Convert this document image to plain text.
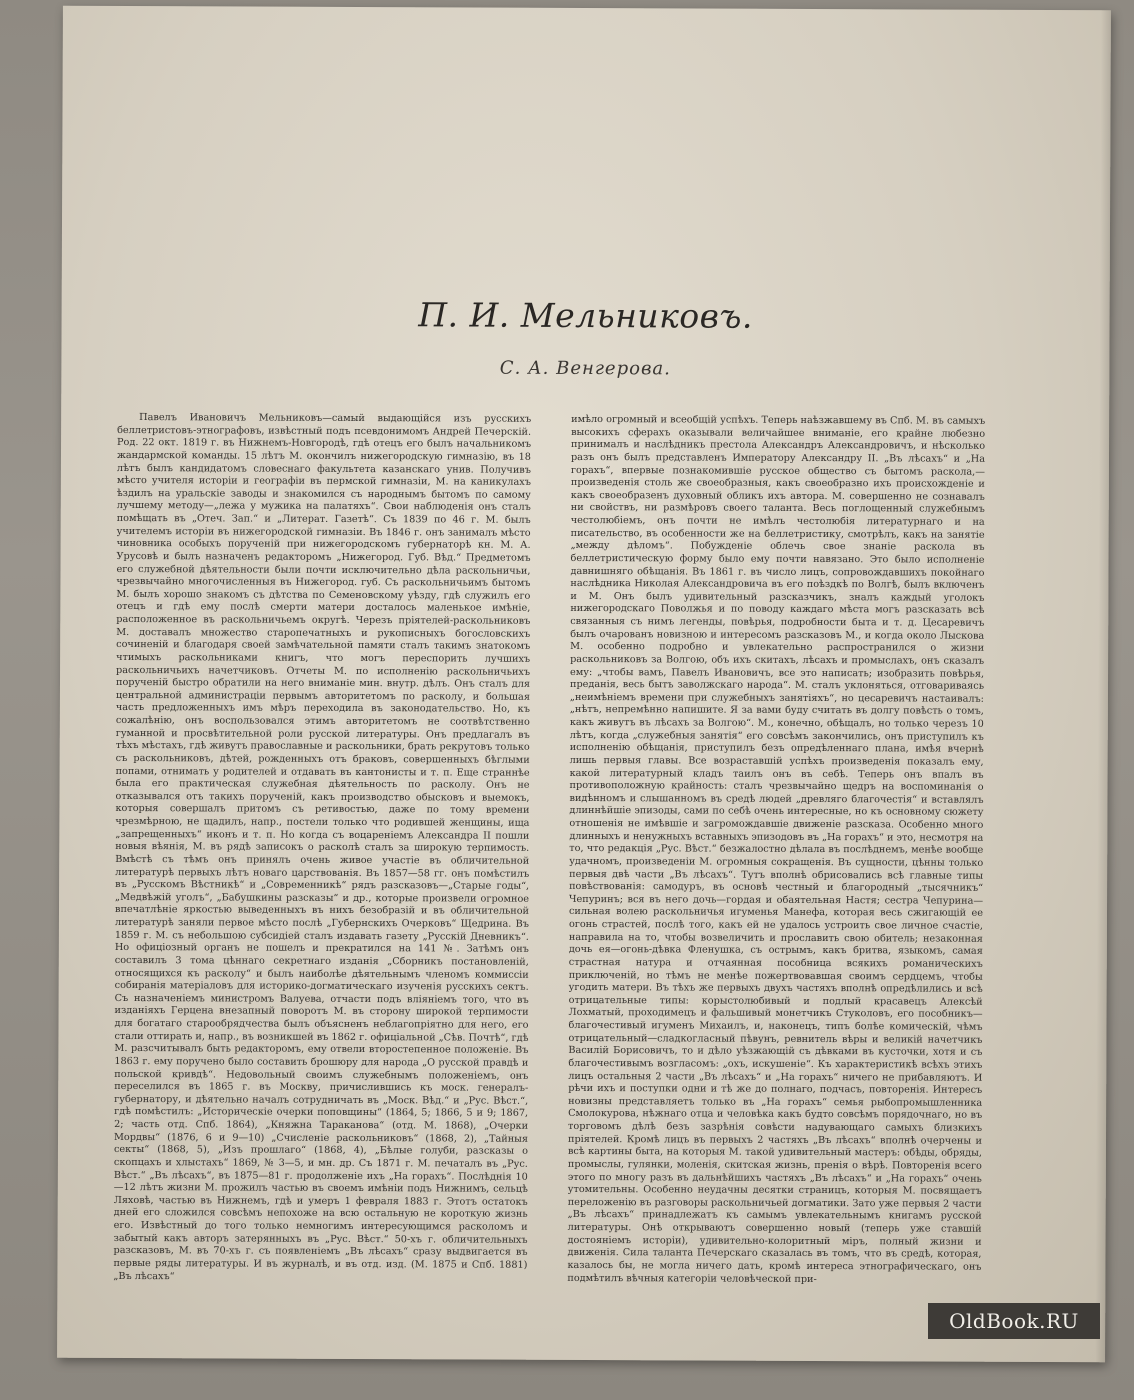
П. И. Мельниковъ.
С. А. Венгерова.

Павелъ Ивановичъ Мельниковъ—самый выдающійся изъ русскихъ беллетристовъ-этнографовъ, извѣстный подъ псевдонимомъ Андрей Печерскій. Род. 22 окт. 1819 г. въ Нижнемъ-Новгородѣ, гдѣ отецъ его былъ начальникомъ жандармской команды. 15 лѣтъ М. окончилъ нижегородскую гимназію, въ 18 лѣтъ былъ кандидатомъ словеснаго факультета казанскаго унив. Получивъ мѣсто учителя исторіи и географіи въ пермской гимназіи, М. на каникулахъ ѣздилъ на уральскіе заводы и знакомился съ народнымъ бытомъ по самому лучшему методу—„лежа у мужика на палатяхъ“. Свои наблюденія онъ сталъ помѣщать въ „Отеч. Зап.“ и „Литерат. Газетѣ“. Съ 1839 по 46 г. М. былъ учителемъ исторіи въ нижегородской гимназіи. Въ 1846 г. онъ занималъ мѣсто чиновника особыхъ порученій при нижегородскомъ губернаторѣ кн. М. А. Урусовѣ и былъ назначенъ редакторомъ „Нижегород. Губ. Вѣд.“ Предметомъ его служебной дѣятельности были почти исключительно дѣла раскольничьи, чрезвычайно многочисленныя въ Нижегород. губ. Съ раскольничьимъ бытомъ М. былъ хорошо знакомъ съ дѣтства по Семеновскому уѣзду, гдѣ служилъ его отецъ и гдѣ ему послѣ смерти матери досталось маленькое имѣніе, расположенное въ раскольничьемъ округѣ. Черезъ пріятелей-раскольниковъ М. доставалъ множество старопечатныхъ и рукописныхъ богословскихъ сочиненій и благодаря своей замѣчательной памяти сталъ такимъ знатокомъ чтимыхъ раскольниками книгъ, что могъ переспорить лучшихъ раскольничьихъ начетчиковъ. Отчеты М. по исполненію раскольничьихъ порученій быстро обратили на него вниманіе мин. внутр. дѣлъ. Онъ сталъ для центральной администраціи первымъ авторитетомъ по расколу, и большая часть предложенныхъ имъ мѣръ переходила въ законодательство. Но, къ сожалѣнію, онъ воспользовался этимъ авторитетомъ не соотвѣтственно гуманной и просвѣтительной роли русской литературы. Онъ предлагалъ въ тѣхъ мѣстахъ, гдѣ живутъ православные и раскольники, брать рекрутовъ только съ раскольниковъ, дѣтей, рожденныхъ отъ браковъ, совершенныхъ бѣглыми попами, отнимать у родителей и отдавать въ кантонисты и т. п. Еще страннѣе была его практическая служебная дѣятельность по расколу. Онъ не отказывался отъ такихъ порученій, какъ производство обысковъ и выемокъ, которыя совершалъ притомъ съ ретивостью, даже по тому времени чрезмѣрною, не щадилъ, напр., постели только что родившей женщины, ища „запрещенныхъ“ иконъ и т. п. Но когда съ воцареніемъ Александра II пошли новыя вѣянія, М. въ рядѣ записокъ о расколѣ сталъ за широкую терпимость. Вмѣстѣ съ тѣмъ онъ принялъ очень живое участіе въ обличительной литературѣ первыхъ лѣтъ новаго царствованія. Въ 1857—58 гг. онъ помѣстилъ въ „Русскомъ Вѣстникѣ“ и „Современникѣ“ рядъ разсказовъ—„Старые годы“, „Медвѣжій уголъ“, „Бабушкины разсказы“ и др., которые произвели огромное впечатлѣніе яркостью выведенныхъ въ нихъ безобразій и въ обличительной литературѣ заняли первое мѣсто послѣ „Губернскихъ Очерковъ“ Щедрина. Въ 1859 г. М. съ небольшою субсидіей сталъ издавать газету „Русскій Дневникъ“. Но офиціозный органъ не пошелъ и прекратился на 141 №. Затѣмъ онъ составилъ 3 тома цѣннаго секретнаго изданія „Сборникъ постановленій, относящихся къ расколу“ и былъ наиболѣе дѣятельнымъ членомъ коммиссіи собиранія матеріаловъ для историко-догматическаго изученія русскихъ сектъ. Съ назначеніемъ министромъ Валуева, отчасти подъ вліяніемъ того, что въ изданіяхъ Герцена внезапный поворотъ М. въ сторону широкой терпимости для богатаго старообрядчества былъ объясненъ неблагопріятно для него, его стали оттирать и, напр., въ возникшей въ 1862 г. офиціальной „Сѣв. Почтѣ“, гдѣ М. разсчитывалъ быть редакторомъ, ему отвели второстепенное положеніе. Въ 1863 г. ему поручено было составить брошюру для народа „О русской правдѣ и польской кривдѣ“. Недовольный своимъ служебнымъ положеніемъ, онъ переселился въ 1865 г. въ Москву, причислившись къ моск. генералъ-губернатору, и дѣятельно началъ сотрудничать въ „Моск. Вѣд.“ и „Рус. Вѣст.“, гдѣ помѣстилъ: „Историческіе очерки поповщины“ (1864, 5; 1866, 5 и 9; 1867, 2; часть отд. Спб. 1864), „Княжна Тараканова“ (отд. М. 1868), „Очерки Мордвы“ (1876, 6 и 9—10) „Счисленіе раскольниковъ“ (1868, 2), „Тайныя секты“ (1868, 5), „Изъ прошлаго“ (1868, 4), „Бѣлые голуби, разсказы о скопцахъ и хлыстахъ“ 1869, № 3—5, и мн. др. Съ 1871 г. М. печаталъ въ „Рус. Вѣст.“ „Въ лѣсахъ“, въ 1875—81 г. продолженіе ихъ „На горахъ“. Послѣднія 10—12 лѣтъ жизни М. прожилъ частью въ своемъ имѣніи подъ Нижнимъ, сельцѣ Ляховѣ, частью въ Нижнемъ, гдѣ и умеръ 1 февраля 1883 г. Этотъ остатокъ дней его сложился совсѣмъ непохоже на всю остальную не короткую жизнь его. Извѣстный до того только немногимъ интересующимся расколомъ и забытый какъ авторъ затерянныхъ въ „Рус. Вѣст.“ 50-хъ г. обличительныхъ разсказовъ, М. въ 70-хъ г. съ появленіемъ „Въ лѣсахъ“ сразу выдвигается въ первые ряды литературы. И въ журналѣ, и въ отд. изд. (М. 1875 и Спб. 1881) „Въ лѣсахъ“

имѣло огромный и всеобщій успѣхъ. Теперь наѣзжавшему въ Спб. М. въ самыхъ высокихъ сферахъ оказывали величайшее вниманіе, его крайне любезно принималъ и наслѣдникъ престола Александръ Александровичъ, и нѣсколько разъ онъ былъ представленъ Императору Александру II. „Въ лѣсахъ“ и „На горахъ“, впервые познакомившіе русское общество съ бытомъ раскола,—произведенія столь же своеобразныя, какъ своеобразно ихъ происхожденіе и какъ своеобразенъ духовный обликъ ихъ автора. М. совершенно не сознавалъ ни свойствъ, ни размѣровъ своего таланта. Весь поглощенный служебнымъ честолюбіемъ, онъ почти не имѣлъ честолюбія литературнаго и на писательство, въ особенности же на беллетристику, смотрѣлъ, какъ на занятіе „между дѣломъ“. Побужденіе облечь свое знаніе раскола въ беллетристическую форму было ему почти навязано. Это было исполненіе давнишняго обѣщанія. Въ 1861 г. въ число лицъ, сопровождавшихъ покойнаго наслѣдника Николая Александровича въ его поѣздкѣ по Волгѣ, былъ включенъ и М. Онъ былъ удивительный разсказчикъ, зналъ каждый уголокъ нижегородскаго Поволжья и по поводу каждаго мѣста могъ разсказать всѣ связанныя съ нимъ легенды, повѣрья, подробности быта и т. д. Цесаревичъ былъ очарованъ новизною и интересомъ разсказовъ М., и когда около Лыскова М. особенно подробно и увлекательно распространился о жизни раскольниковъ за Волгою, объ ихъ скитахъ, лѣсахъ и промыслахъ, онъ сказалъ ему: „чтобы вамъ, Павелъ Ивановичъ, все это написать; изобразить повѣрья, преданія, весь бытъ заволжскаго народа“. М. сталъ уклоняться, отговариваясь „неимѣніемъ времени при служебныхъ занятіяхъ“, но цесаревичъ настаивалъ: „нѣтъ, непремѣнно напишите. Я за вами буду считать въ долгу повѣсть о томъ, какъ живутъ въ лѣсахъ за Волгою“. М., конечно, обѣщалъ, но только черезъ 10 лѣтъ, когда „служебныя занятія“ его совсѣмъ закончились, онъ приступилъ къ исполненію обѣщанія, приступилъ безъ опредѣленнаго плана, имѣя вчернѣ лишь первыя главы. Все возраставшій успѣхъ произведенія показалъ ему, какой литературный кладъ таилъ онъ въ себѣ. Теперь онъ впалъ въ противоположную крайность: сталъ чрезвычайно щедръ на воспоминанія о видѣнномъ и слышанномъ въ средѣ людей „древляго благочестія“ и вставлялъ длиннѣйшіе эпизоды, сами по себѣ очень интересные, но къ основному сюжету отношенія не имѣвшіе и загромождавшіе движеніе разсказа. Особенно много длинныхъ и ненужныхъ вставныхъ эпизодовъ въ „На горахъ“ и это, несмотря на то, что редакція „Рус. Вѣст.“ безжалостно дѣлала въ послѣднемъ, менѣе вообще удачномъ, произведеніи М. огромныя сокращенія. Въ сущности, цѣнны только первыя двѣ части „Въ лѣсахъ“. Тутъ вполнѣ обрисовались всѣ главные типы повѣствованія: самодуръ, въ основѣ честный и благородный „тысячникъ“ Чепуринъ; вся въ него дочь—гордая и обаятельная Настя; сестра Чепурина—сильная волею раскольничья игуменья Манефа, которая весь сжигающій ее огонь страстей, послѣ того, какъ ей не удалось устроить свое личное счастіе, направила на то, чтобы возвеличить и прославить свою обитель; незаконная дочь ея—огонь-дѣвка Фленушка, съ острымъ, какъ бритва, языкомъ, самая страстная натура и отчаянная пособница всякихъ романическихъ приключеній, но тѣмъ не менѣе пожертвовавшая своимъ сердцемъ, чтобы угодить матери. Въ тѣхъ же первыхъ двухъ частяхъ вполнѣ опредѣлились и всѣ отрицательные типы: корыстолюбивый и подлый красавецъ Алексѣй Лохматый, проходимецъ и фальшивый монетчикъ Стуколовъ, его пособникъ—благочестивый игуменъ Михаилъ, и, наконецъ, типъ болѣе комическій, чѣмъ отрицательный—сладкогласный пѣвунъ, ревнитель вѣры и великій начетчикъ Василій Борисовичъ, то и дѣло уѣзжающій съ дѣвками въ кусточки, хотя и съ благочестивымъ возгласомъ: „охъ, искушеніе“. Къ характеристикѣ всѣхъ этихъ лицъ остальныя 2 части „Въ лѣсахъ“ и „На горахъ“ ничего не прибавляютъ. И рѣчи ихъ и поступки одни и тѣ же до полнаго, подчасъ, повторенія. Интересъ новизны представляетъ только въ „На горахъ“ семья рыбопромышленника Смолокурова, нѣжнаго отца и человѣка какъ будто совсѣмъ порядочнаго, но въ торговомъ дѣлѣ безъ зазрѣнія совѣсти надувающаго самыхъ близкихъ пріятелей. Кромѣ лицъ въ первыхъ 2 частяхъ „Въ лѣсахъ“ вполнѣ очерчены и всѣ картины быта, на которыя М. такой удивительный мастеръ: обѣды, обряды, промыслы, гулянки, моленія, скитская жизнь, пренія о вѣрѣ. Повторенія всего этого по многу разъ въ дальнѣйшихъ частяхъ „Въ лѣсахъ“ и „На горахъ“ очень утомительны. Особенно неудачны десятки страницъ, которыя М. посвящаетъ переложенію въ разговоры раскольничьей догматики. Зато уже первыя 2 части „Въ лѣсахъ“ принадлежатъ къ самымъ увлекательнымъ книгамъ русской литературы. Онѣ открываютъ совершенно новый (теперь уже ставшій достояніемъ исторіи), удивительно-колоритный міръ, полный жизни и движенія. Сила таланта Печерскаго сказалась въ томъ, что въ средѣ, которая, казалось бы, не могла ничего дать, кромѣ интереса этнографическаго, онъ подмѣтилъ вѣчныя категоріи человѣческой при-

OldBook.RU
